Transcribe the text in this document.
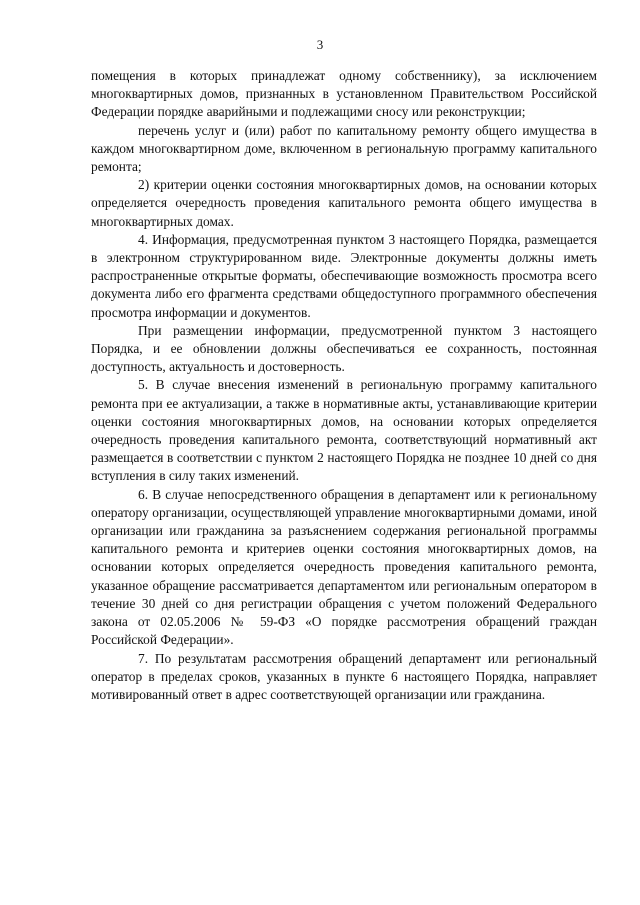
3

помещения в которых принадлежат одному собственнику), за исключением многоквартирных домов, признанных в установленном Правительством Российской Федерации порядке аварийными и подлежащими сносу или реконструкции;

перечень услуг и (или) работ по капитальному ремонту общего имущества в каждом многоквартирном доме, включенном в региональную программу капитального ремонта;

2) критерии оценки состояния многоквартирных домов, на основании которых определяется очередность проведения капитального ремонта общего имущества в многоквартирных домах.

4. Информация, предусмотренная пунктом 3 настоящего Порядка, размещается в электронном структурированном виде. Электронные документы должны иметь распространенные открытые форматы, обеспечивающие возможность просмотра всего документа либо его фрагмента средствами общедоступного программного обеспечения просмотра информации и документов.

При размещении информации, предусмотренной пунктом 3 настоящего Порядка, и ее обновлении должны обеспечиваться ее сохранность, постоянная доступность, актуальность и достоверность.

5. В случае внесения изменений в региональную программу капитального ремонта при ее актуализации, а также в нормативные акты, устанавливающие критерии оценки состояния многоквартирных домов, на основании которых определяется очередность проведения капитального ремонта, соответствующий нормативный акт размещается в соответствии с пунктом 2 настоящего Порядка не позднее 10 дней со дня вступления в силу таких изменений.

6. В случае непосредственного обращения в департамент или к региональному оператору организации, осуществляющей управление многоквартирными домами, иной организации или гражданина за разъяснением содержания региональной программы капитального ремонта и критериев оценки состояния многоквартирных домов, на основании которых определяется очередность проведения капитального ремонта, указанное обращение рассматривается департаментом или региональным оператором в течение 30 дней со дня регистрации обращения с учетом положений Федерального закона от 02.05.2006 № 59-ФЗ «О порядке рассмотрения обращений граждан Российской Федерации».

7. По результатам рассмотрения обращений департамент или региональный оператор в пределах сроков, указанных в пункте 6 настоящего Порядка, направляет мотивированный ответ в адрес соответствующей организации или гражданина.
